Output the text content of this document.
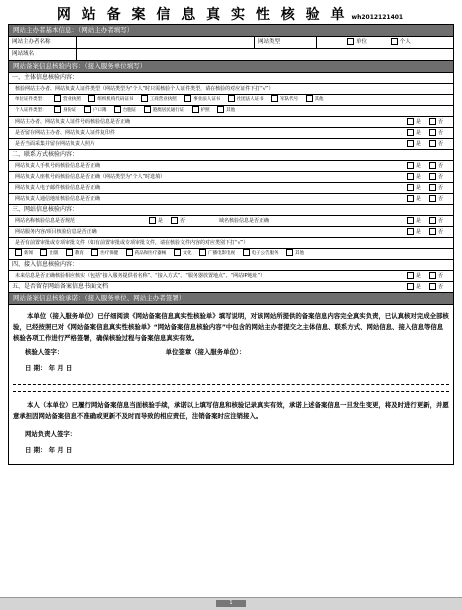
网 站 备 案 信 息 真 实 性 核 验 单 wh2012121401
网站主办者基本信息：（网站主办者填写）
网站主办者名称	网站类型	单位	个人
网站域名
网站备案信息核验内容：（接入服务单位填写）
一、主体信息核验内容：
核验网站主办者、网站负责人证件类型（网站类型为“个人”时只需核验个人证件类型，请在核验的对应证件下打“√”）
单位证件类型：	营业执照	组织机构代码证书	工商营业执照	事业法人证书	社团法人证书	军队代号	其他
个人证件类型：	身份证	户口簿	台胞证	港澳居民通行证	护照	其他
网站主办者、网站负责人证件号码核验信息是否正确	是	否
是否留存网站主办者、网站负责人证件复印件	是	否
是否当面采集并留存网站负责人照片	是	否
二、联系方式核验内容：
网站负责人手机号码核验信息是否正确	是	否
网站负责人座机号码核验信息是否正确（网站类型为“个人”时选填）	是	否
网站负责人电子邮件核验信息是否正确	是	否
网站负责人通信地址核验信息是否正确	是	否
三、网站信息核验内容：
网站名称核验信息是否规范	是	否	域名核验信息是否正确	是	否
网站服务内容/项目核验信息是否正确	是	否
是否有前置审批或专项审批文件（如有前置审批或专项审批文件，请在核验文件内容的对应类别下打“√”）
新闻	出版	教育	医疗保健	药品和医疗器械	文化	广播电影电视	电子公告服务	其他
四、接入信息核验内容：
未来信息是否正确核验相应核实（包括“接入服务提供者名称”、“接入方式”、“服务器放置地点”、“网站IP地址”）	是	否
五、是否留存网站备案信息书面文档	是	否
网站备案信息核验承诺：（接入服务单位、网站主办者签署）

本单位（接入服务单位）已仔细阅读《网站备案信息真实性核验单》填写说明，对该网站所提供的备案信息内容完全真实负责，已认真核对完成全部核验，已经按照已对《网站备案信息真实性核验单》“网站备案信息核验内容”中包含的网站主办者提交之主体信息、联系方式、网站信息、接入信息等信息核验各项工作进行严格签署，确保核验过程与备案信息真实有效。

核验人签字：	单位签章（接入服务单位）：
日 期： 年 月 日

本人（本单位）已履行网站备案信息当面核验手续，承诺以上填写信息和核验记录真实有效，承诺上述备案信息一旦发生变更，将及时进行更新，并愿意承担因网站备案信息不准确或更新不及时而导致的相应责任，注销备案时应注销接入。

网站负责人签字：
日 期： 年 月 日
1
